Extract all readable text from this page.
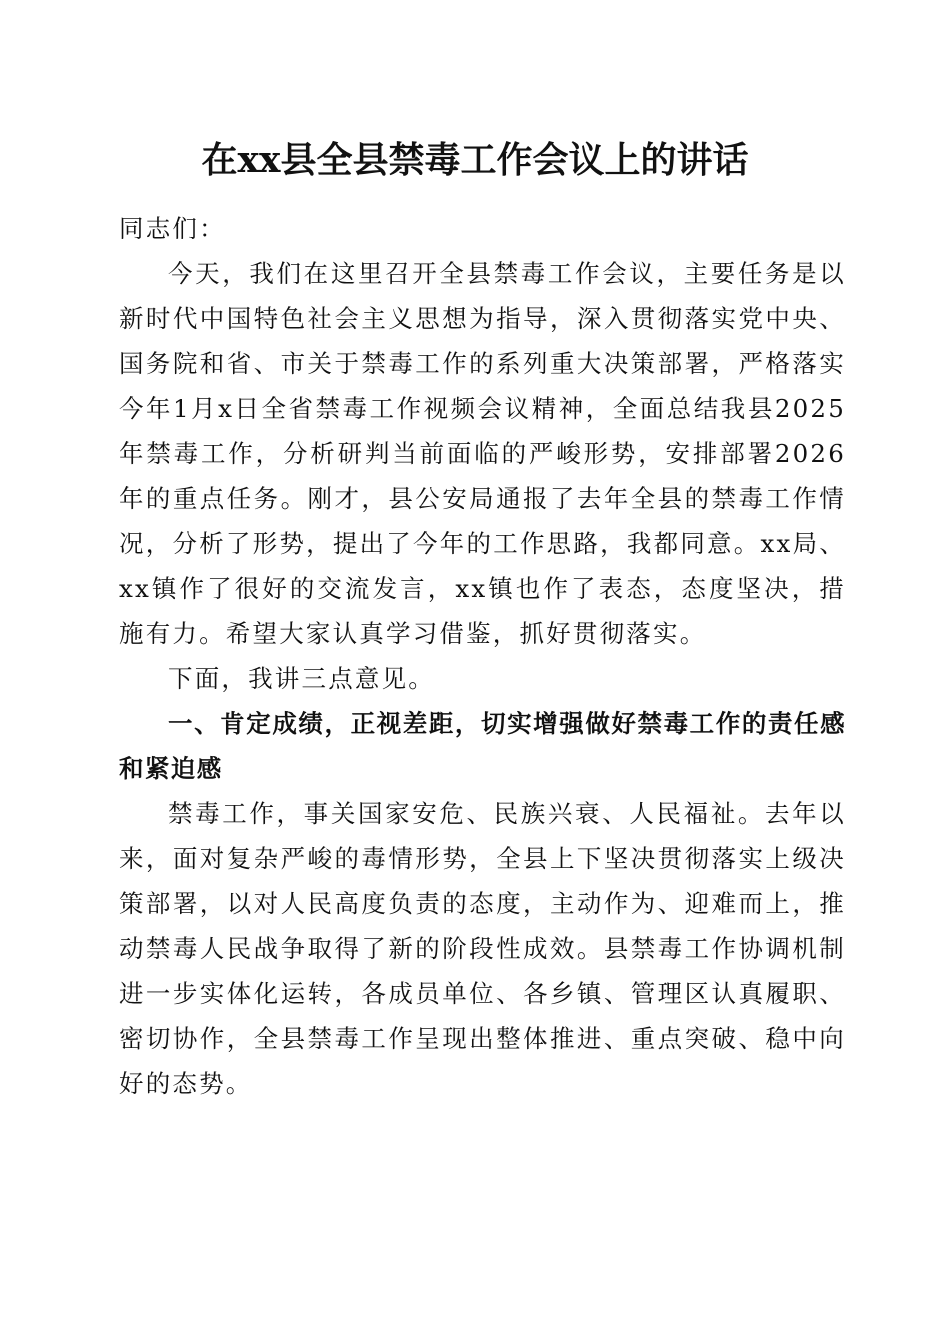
在xx县全县禁毒工作会议上的讲话

同志们：

今天，我们在这里召开全县禁毒工作会议，主要任务是以新时代中国特色社会主义思想为指导，深入贯彻落实党中央、国务院和省、市关于禁毒工作的系列重大决策部署，严格落实今年1月x日全省禁毒工作视频会议精神，全面总结我县2025年禁毒工作，分析研判当前面临的严峻形势，安排部署2026年的重点任务。刚才，县公安局通报了去年全县的禁毒工作情况，分析了形势，提出了今年的工作思路，我都同意。xx局、xx镇作了很好的交流发言，xx镇也作了表态，态度坚决，措施有力。希望大家认真学习借鉴，抓好贯彻落实。

下面，我讲三点意见。

一、肯定成绩，正视差距，切实增强做好禁毒工作的责任感和紧迫感

禁毒工作，事关国家安危、民族兴衰、人民福祉。去年以来，面对复杂严峻的毒情形势，全县上下坚决贯彻落实上级决策部署，以对人民高度负责的态度，主动作为、迎难而上，推动禁毒人民战争取得了新的阶段性成效。县禁毒工作协调机制进一步实体化运转，各成员单位、各乡镇、管理区认真履职、密切协作，全县禁毒工作呈现出整体推进、重点突破、稳中向好的态势。
